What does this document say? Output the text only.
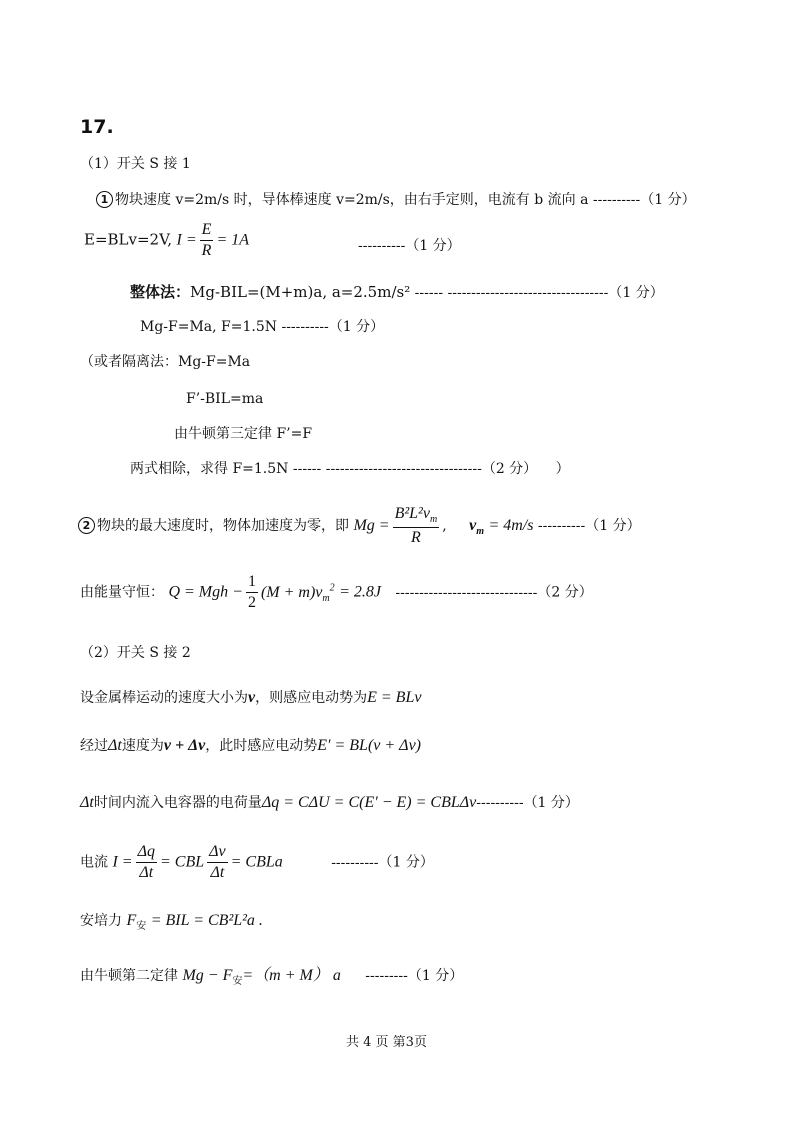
17.
（1）开关 S 接 1
1 物块速度 v=2m/s 时，导体棒速度 v=2m/s，由右手定则，电流有 b 流向 a ----------（1 分）
E=BLv=2V, $I = \frac{E}{R} = 1A$	----------（1 分）
整体法：Mg-BIL=(M+m)a, a=2.5m/s² ------ ----------------------------------（1 分）
Mg-F=Ma, F=1.5N ----------（1 分）
（或者隔离法：Mg-F=Ma
F’-BIL=ma
由牛顿第三定律 F’=F
两式相除，求得 F=1.5N ------ ---------------------------------（2 分） ）
2 物块的最大速度时，物体加速度为零，即 $Mg = \frac{B^2L^2v_m}{R}$ , $v_m = 4m/s$ ----------（1 分）
由能量守恒： Q = Mgh − $\frac{1}{2} (M + m)v_m^2 = 2.8J$ ------------------------------（2 分）
（2）开关 S 接 2
设金属棒运动的速度大小为v，则感应电动势为E = BLv
经过Δt速度为v + Δv，此时感应电动势E′ = BL(v + Δv)
Δt时间内流入电容器的电荷量Δq = CΔU = C(E′ − E) = CBLΔv----------（1 分）
电流 $I = \frac{\Delta q}{\Delta t}$ = CBL $\frac{\Delta v}{\Delta t}$ = CBLa	----------（1 分）
安培力 $F_安$ = BIL = CB²L²a .
由牛顿第二定律 $Mg - F_安=(m + M)$ a ---------（1 分）
共 4 页 第3页
